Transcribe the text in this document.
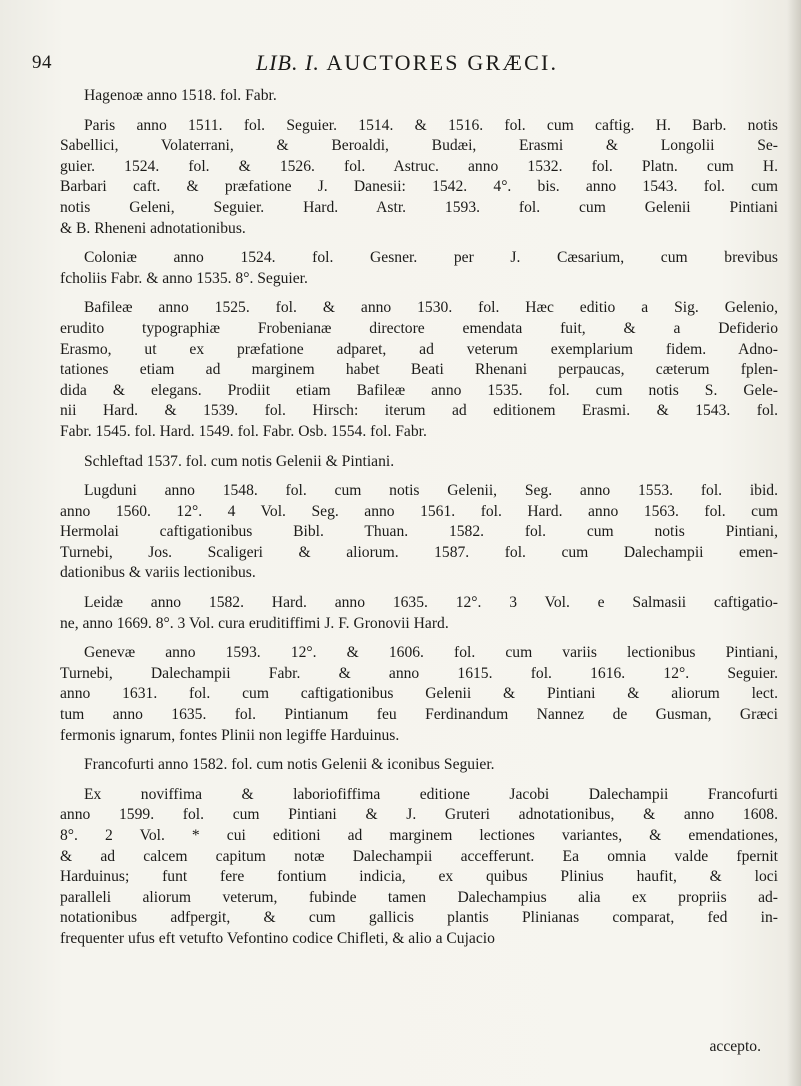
94	LIB. I. AUCTORES GRÆCI.

Hagenoæ anno 1518. fol. Fabr.

Paris anno 1511. fol. Seguier. 1514. & 1516. fol. cum caftig. H. Barb. notis
Sabellici, Volaterrani, & Beroaldi, Budæi, Erasmi & Longolii Se-
guier. 1524. fol. & 1526. fol. Astruc. anno 1532. fol. Platn. cum H.
Barbari caft. & præfatione J. Danesii: 1542. 4°. bis. anno 1543. fol. cum
notis Geleni, Seguier. Hard. Astr. 1593. fol. cum Gelenii Pintiani
& B. Rheneni adnotationibus.

Coloniæ anno 1524. fol. Gesner. per J. Cæsarium, cum brevibus
fcholiis Fabr. & anno 1535. 8°. Seguier.

Bafileæ anno 1525. fol. & anno 1530. fol. Hæc editio a Sig. Gelenio,
erudito typographiæ Frobenianæ directore emendata fuit, & a Defiderio
Erasmo, ut ex præfatione adparet, ad veterum exemplarium fidem. Adno-
tationes etiam ad marginem habet Beati Rhenani perpaucas, cæterum fplen-
dida & elegans. Prodiit etiam Bafileæ anno 1535. fol. cum notis S. Gele-
nii Hard. & 1539. fol. Hirsch: iterum ad editionem Erasmi. & 1543. fol.
Fabr. 1545. fol. Hard. 1549. fol. Fabr. Osb. 1554. fol. Fabr.

Schleftad 1537. fol. cum notis Gelenii & Pintiani.

Lugduni anno 1548. fol. cum notis Gelenii, Seg. anno 1553. fol. ibid.
anno 1560. 12°. 4 Vol. Seg. anno 1561. fol. Hard. anno 1563. fol. cum
Hermolai caftigationibus Bibl. Thuan. 1582. fol. cum notis Pintiani,
Turnebi, Jos. Scaligeri & aliorum. 1587. fol. cum Dalechampii emen-
dationibus & variis lectionibus.

Leidæ anno 1582. Hard. anno 1635. 12°. 3 Vol. e Salmasii caftigatio-
ne, anno 1669. 8°. 3 Vol. cura eruditiffimi J. F. Gronovii Hard.

Genevæ anno 1593. 12°. & 1606. fol. cum variis lectionibus Pintiani,
Turnebi, Dalechampii Fabr. & anno 1615. fol. 1616. 12°. Seguier.
anno 1631. fol. cum caftigationibus Gelenii & Pintiani & aliorum lect.
tum anno 1635. fol. Pintianum feu Ferdinandum Nannez de Gusman, Græci
fermonis ignarum, fontes Plinii non legiffe Harduinus.

Francofurti anno 1582. fol. cum notis Gelenii & iconibus Seguier.

Ex noviffima & laboriofiffima editione Jacobi Dalechampii Francofurti
anno 1599. fol. cum Pintiani & J. Gruteri adnotationibus, & anno 1608.
8°. 2 Vol. * cui editioni ad marginem lectiones variantes, & emendationes,
& ad calcem capitum notæ Dalechampii accefferunt. Ea omnia valde fpernit
Harduinus; funt fere fontium indicia, ex quibus Plinius haufit, & loci
paralleli aliorum veterum, fubinde tamen Dalechampius alia ex propriis ad-
notationibus adfpergit, & cum gallicis plantis Plinianas comparat, fed in-
frequenter ufus eft vetufto Vefontino codice Chifleti, & alio a Cujacio

accepto.
